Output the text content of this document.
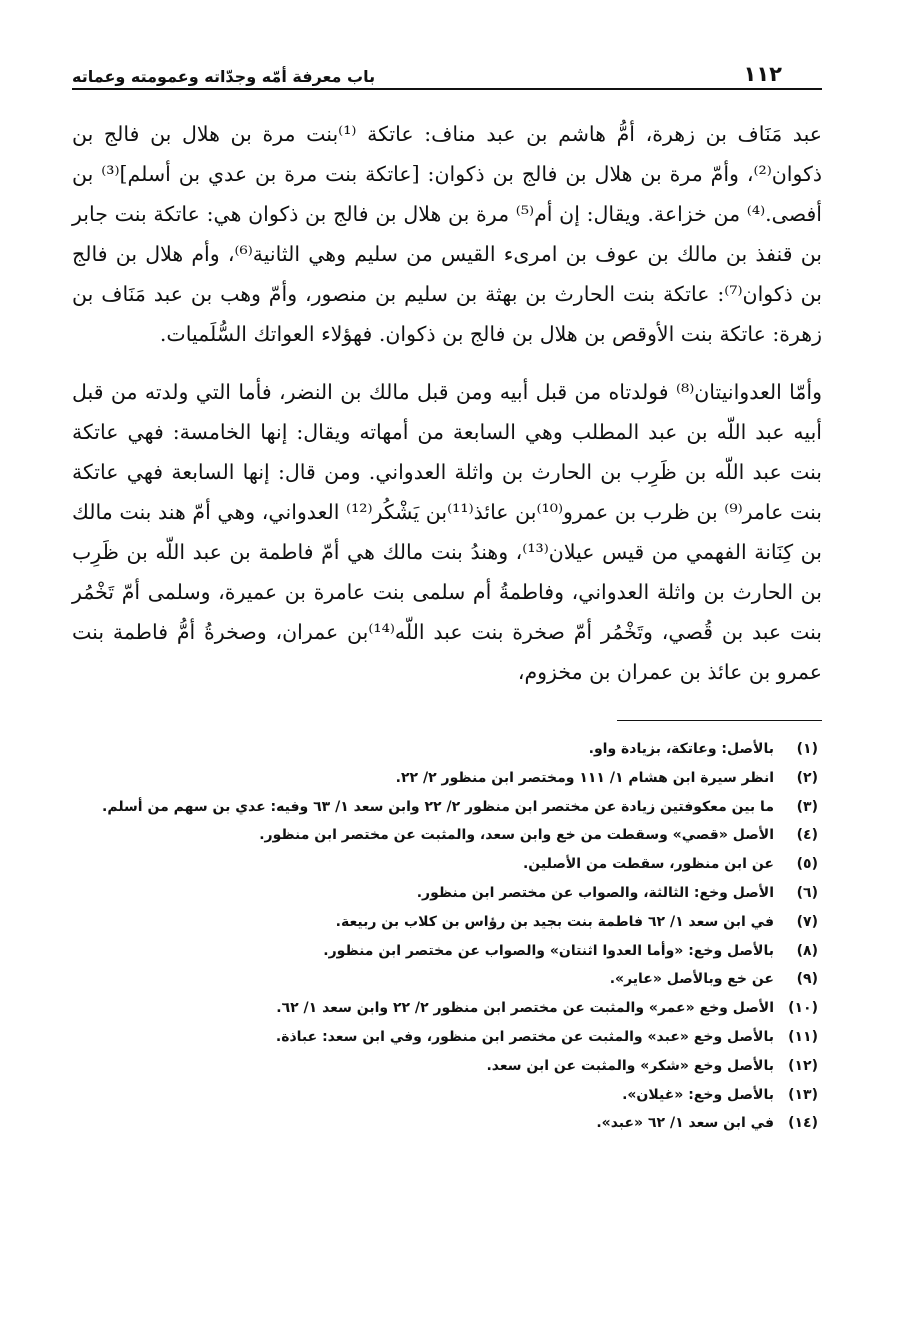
١١٢
باب معرفة أمّه وجدّاته وعمومته وعماته

عبد مَنَاف بن زهرة، أمُّ هاشم بن عبد مناف: عاتكة ⁽¹⁾بنت مرة بن هلال بن فالج بن ذكوان⁽²⁾، وأمّ مرة بن هلال بن فالج بن ذكوان: [عاتكة بنت مرة بن عدي بن أسلم]⁽³⁾ بن أفصى.⁽⁴⁾ من خزاعة. ويقال: إن أم⁽⁵⁾ مرة بن هلال بن فالج بن ذكوان هي: عاتكة بنت جابر بن قنفذ بن مالك بن عوف بن امرىء القيس من سليم وهي الثانية⁽⁶⁾، وأم هلال بن فالج بن ذكوان⁽⁷⁾: عاتكة بنت الحارث بن بهثة بن سليم بن منصور، وأمّ وهب بن عبد مَنَاف بن زهرة: عاتكة بنت الأوقص بن هلال بن فالج بن ذكوان. فهؤلاء العواتك السُّلَميات.

وأمّا العدوانيتان⁽⁸⁾ فولدتاه من قبل أبيه ومن قبل مالك بن النضر، فأما التي ولدته من قبل أبيه عبد اللّه بن عبد المطلب وهي السابعة من أمهاته ويقال: إنها الخامسة: فهي عاتكة بنت عبد اللّه بن ظَرِب بن الحارث بن واثلة العدواني. ومن قال: إنها السابعة فهي عاتكة بنت عامر⁽⁹⁾ بن ظرب بن عمرو⁽¹⁰⁾بن عائذ⁽¹¹⁾بن يَشْكُر⁽¹²⁾ العدواني، وهي أمّ هند بنت مالك بن كِنَانة الفهمي من قيس عيلان⁽¹³⁾، وهندُ بنت مالك هي أمّ فاطمة بن عبد اللّه بن ظَرِب بن الحارث بن واثلة العدواني، وفاطمةُ أم سلمى بنت عامرة بن عميرة، وسلمى أمّ تَخْمُر بنت عبد بن قُصي، وتَخْمُر أمّ صخرة بنت عبد اللّه⁽¹⁴⁾بن عمران، وصخرةُ أمُّ فاطمة بنت عمرو بن عائذ بن عمران بن مخزوم،

(١)
بالأصل: وعاتكة، بزيادة واو.
(٢)
انظر سيرة ابن هشام ١/ ١١١ ومختصر ابن منظور ٢/ ٢٢.
(٣)
ما بين معكوفتين زيادة عن مختصر ابن منظور ٢/ ٢٢ وابن سعد ١/ ٦٣ وفيه: عدي بن سهم من أسلم.
(٤)
الأصل «قصي» وسقطت من خع وابن سعد، والمثبت عن مختصر ابن منظور.
(٥)
عن ابن منظور، سقطت من الأصلين.
(٦)
الأصل وخع: الثالثة، والصواب عن مختصر ابن منظور.
(٧)
في ابن سعد ١/ ٦٢ فاطمة بنت بجيد بن رؤاس بن كلاب بن ربيعة.
(٨)
بالأصل وخع: «وأما العدوا اثنتان» والصواب عن مختصر ابن منظور.
(٩)
عن خع وبالأصل «عاير».
(١٠)
الأصل وخع «عمر» والمثبت عن مختصر ابن منظور ٢/ ٢٢ وابن سعد ١/ ٦٢.
(١١)
بالأصل وخع «عبد» والمثبت عن مختصر ابن منظور، وفي ابن سعد: عباذة.
(١٢)
بالأصل وخع «شكر» والمثبت عن ابن سعد.
(١٣)
بالأصل وخع: «غيلان».
(١٤)
في ابن سعد ١/ ٦٢ «عبد».
